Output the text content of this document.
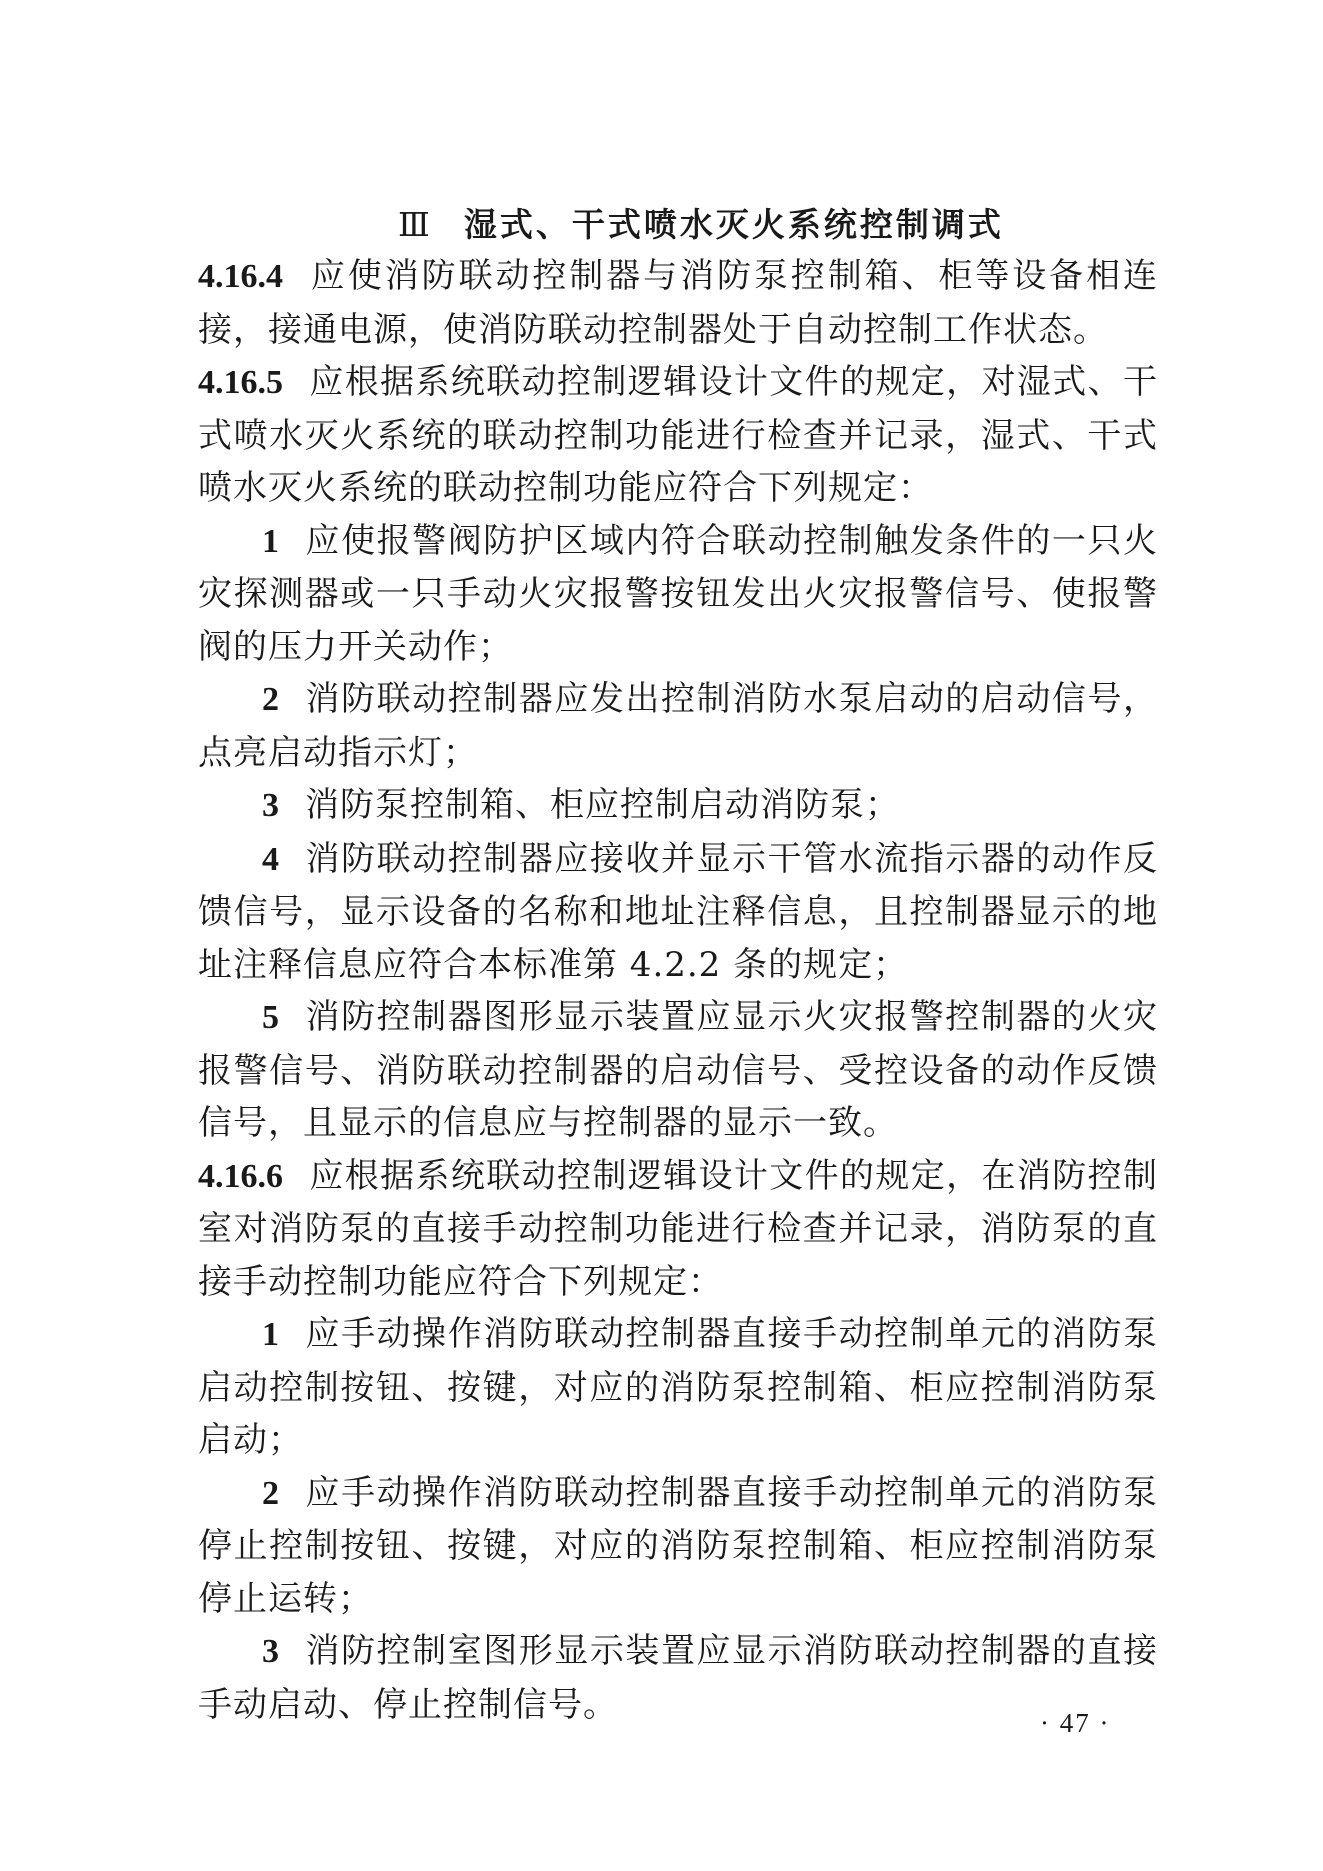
Ⅲ 湿式、干式喷水灭火系统控制调式

4.16.4 应使消防联动控制器与消防泵控制箱、柜等设备相连接，接通电源，使消防联动控制器处于自动控制工作状态。

4.16.5 应根据系统联动控制逻辑设计文件的规定，对湿式、干式喷水灭火系统的联动控制功能进行检查并记录，湿式、干式喷水灭火系统的联动控制功能应符合下列规定：

1 应使报警阀防护区域内符合联动控制触发条件的一只火灾探测器或一只手动火灾报警按钮发出火灾报警信号、使报警阀的压力开关动作；

2 消防联动控制器应发出控制消防水泵启动的启动信号，点亮启动指示灯；

3 消防泵控制箱、柜应控制启动消防泵；

4 消防联动控制器应接收并显示干管水流指示器的动作反馈信号，显示设备的名称和地址注释信息，且控制器显示的地址注释信息应符合本标准第 4.2.2 条的规定；

5 消防控制器图形显示装置应显示火灾报警控制器的火灾报警信号、消防联动控制器的启动信号、受控设备的动作反馈信号，且显示的信息应与控制器的显示一致。

4.16.6 应根据系统联动控制逻辑设计文件的规定，在消防控制室对消防泵的直接手动控制功能进行检查并记录，消防泵的直接手动控制功能应符合下列规定：

1 应手动操作消防联动控制器直接手动控制单元的消防泵启动控制按钮、按键，对应的消防泵控制箱、柜应控制消防泵启动；

2 应手动操作消防联动控制器直接手动控制单元的消防泵停止控制按钮、按键，对应的消防泵控制箱、柜应控制消防泵停止运转；

3 消防控制室图形显示装置应显示消防联动控制器的直接手动启动、停止控制信号。	· 47 ·
